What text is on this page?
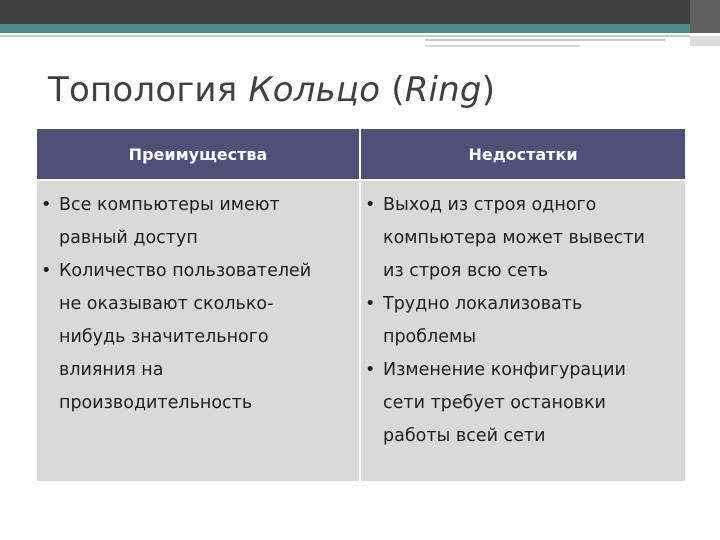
Топология Кольцо (Ring)
Преимущества	Недостатки
• Все компьютеры имеют
равный доступ
• Количество пользователей
не оказывают сколько-
нибудь значительного
влияния на
производительность
• Выход из строя одного
компьютера может вывести
из строя всю сеть
• Трудно локализовать
проблемы
• Изменение конфигурации
сети требует остановки
работы всей сети
